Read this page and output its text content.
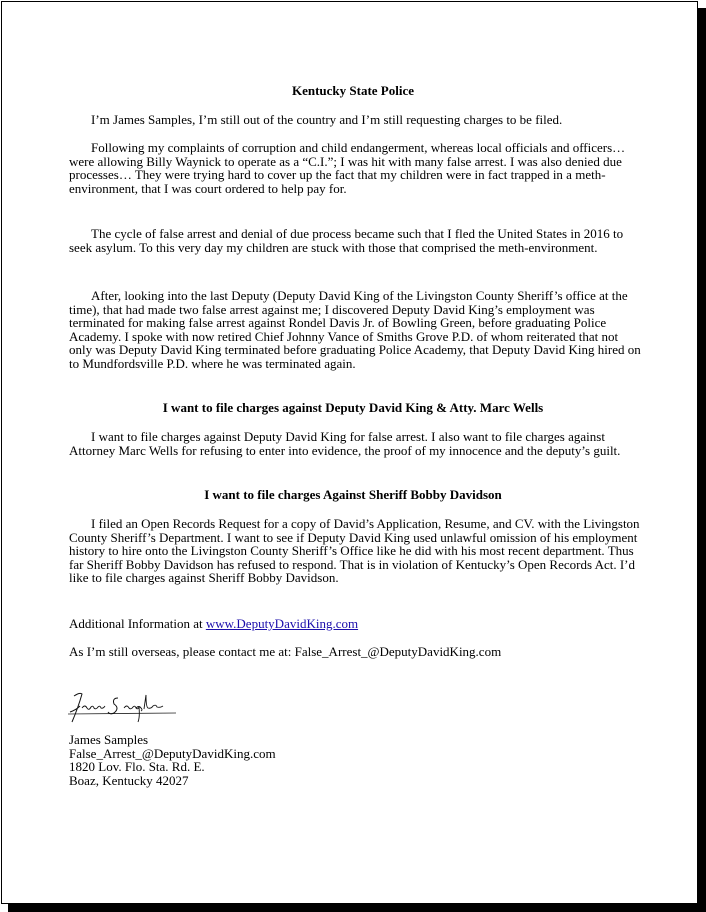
Kentucky State Police
I’m James Samples, I’m still out of the country and I’m still requesting charges to be filed.
Following my complaints of corruption and child endangerment, whereas local officials and officers… were allowing Billy Waynick to operate as a “C.I.”; I was hit with many false arrest. I was also denied due processes… They were trying hard to cover up the fact that my children were in fact trapped in a meth-environment, that I was court ordered to help pay for.
The cycle of false arrest and denial of due process became such that I fled the United States in 2016 to seek asylum. To this very day my children are stuck with those that comprised the meth-environment.
After, looking into the last Deputy (Deputy David King of the Livingston County Sheriff’s office at the time), that had made two false arrest against me; I discovered Deputy David King’s employment was terminated for making false arrest against Rondel Davis Jr. of Bowling Green, before graduating Police Academy. I spoke with now retired Chief Johnny Vance of Smiths Grove P.D. of whom reiterated that not only was Deputy David King terminated before graduating Police Academy, that Deputy David King hired on to Mundfordsville P.D. where he was terminated again.
I want to file charges against Deputy David King & Atty. Marc Wells
I want to file charges against Deputy David King for false arrest. I also want to file charges against Attorney Marc Wells for refusing to enter into evidence, the proof of my innocence and the deputy’s guilt.
I want to file charges Against Sheriff Bobby Davidson
I filed an Open Records Request for a copy of David’s Application, Resume, and CV. with the Livingston County Sheriff’s Department. I want to see if Deputy David King used unlawful omission of his employment history to hire onto the Livingston County Sheriff’s Office like he did with his most recent department. Thus far Sheriff Bobby Davidson has refused to respond. That is in violation of Kentucky’s Open Records Act. I’d like to file charges against Sheriff Bobby Davidson.
Additional Information at www.DeputyDavidKing.com
As I’m still overseas, please contact me at: False_Arrest_@DeputyDavidKing.com
James Samples
False_Arrest_@DeputyDavidKing.com
1820 Lov. Flo. Sta. Rd. E.
Boaz, Kentucky 42027
